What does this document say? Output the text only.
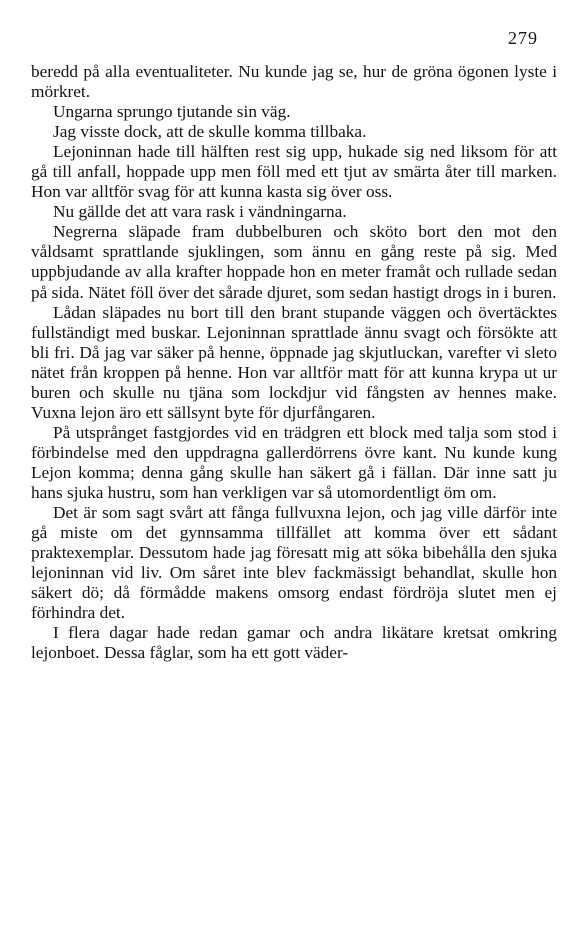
279

beredd på alla eventualiteter. Nu kunde jag se, hur de gröna ögonen lyste i mörkret.

Ungarna sprungo tjutande sin väg.

Jag visste dock, att de skulle komma tillbaka.

Lejoninnan hade till hälften rest sig upp, hukade sig ned liksom för att gå till anfall, hoppade upp men föll med ett tjut av smärta åter till marken. Hon var alltför svag för att kunna kasta sig över oss.

Nu gällde det att vara rask i vändningarna.

Negrerna släpade fram dubbelburen och sköto bort den mot den våldsamt sprattlande sjuklingen, som ännu en gång reste på sig. Med uppbjudande av alla krafter hoppade hon en meter framåt och rullade sedan på sida. Nätet föll över det sårade djuret, som sedan hastigt drogs in i buren.

Lådan släpades nu bort till den brant stupande väggen och övertäcktes fullständigt med buskar. Lejoninnan sprattlade ännu svagt och försökte att bli fri. Då jag var säker på henne, öppnade jag skjutluckan, varefter vi sleto nätet från kroppen på henne. Hon var alltför matt för att kunna krypa ut ur buren och skulle nu tjäna som lockdjur vid fångsten av hennes make. Vuxna lejon äro ett sällsynt byte för djurfångaren.

På utsprånget fastgjordes vid en trädgren ett block med talja som stod i förbindelse med den uppdragna gallerdörrens övre kant. Nu kunde kung Lejon komma; denna gång skulle han säkert gå i fällan. Där inne satt ju hans sjuka hustru, som han verkligen var så utomordentligt öm om.

Det är som sagt svårt att fånga fullvuxna lejon, och jag ville därför inte gå miste om det gynnsamma tillfället att komma över ett sådant praktexemplar. Dessutom hade jag föresatt mig att söka bibehålla den sjuka lejoninnan vid liv. Om såret inte blev fackmässigt behandlat, skulle hon säkert dö; då förmådde makens omsorg endast fördröja slutet men ej förhindra det.

I flera dagar hade redan gamar och andra likätare kretsat omkring lejonboet. Dessa fåglar, som ha ett gott väder-
